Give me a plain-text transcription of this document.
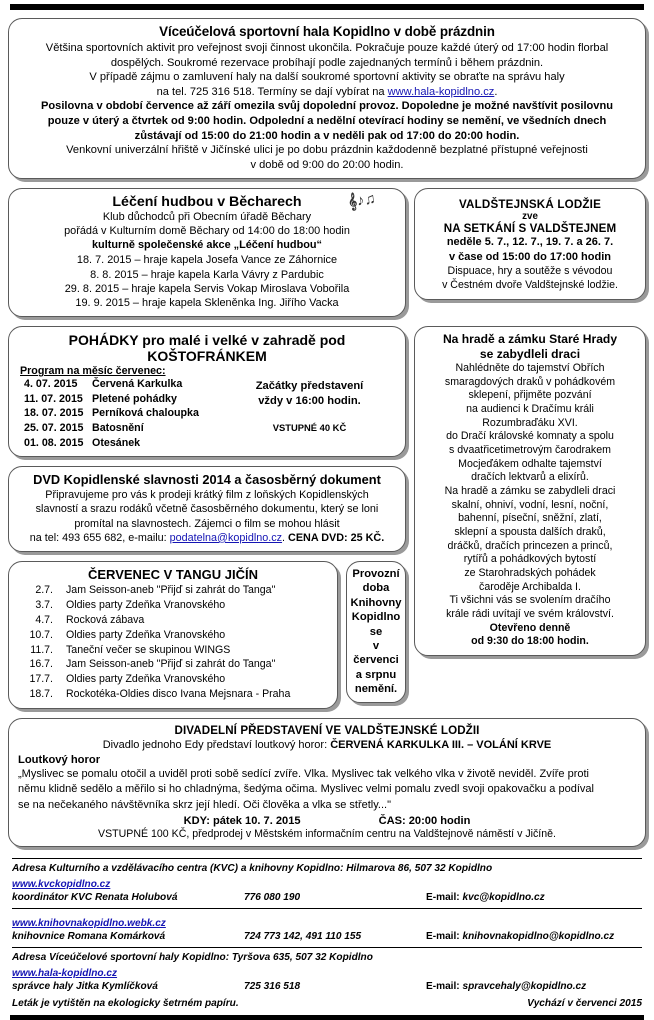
Víceúčelová sportovní hala Kopidlno v době prázdnin

Většina sportovních aktivit pro veřejnost svoji činnost ukončila. Pokračuje pouze každé úterý od 17:00 hodin florbal

dospělých. Soukromé rezervace probíhají podle zajednaných termínů i během prázdnin.

V případě zájmu o zamluvení haly na další soukromé sportovní aktivity se obraťte na správu haly

na tel. 725 316 518. Termíny se dají vybírat na www.hala-kopidlno.cz.

Posilovna v období července až září omezila svůj dopolední provoz. Dopoledne je možné navštívit posilovnu

pouze v úterý a čtvrtek od 9:00 hodin. Odpolední a nedělní otevírací hodiny se nemění, ve všedních dnech

zůstávají od 15:00 do 21:00 hodin a v neděli pak od 17:00 do 20:00 hodin.

Venkovní univerzální hřiště v Jičínské ulici je po dobu prázdnin každodenně bezplatné přístupné veřejnosti

v době od 9:00 do 20:00 hodin.

Léčení hudbou v Běcharech	𝄞♪♫
Klub důchodců při Obecním úřadě Běchary
pořádá v Kulturním domě Běchary od 14:00 do 18:00 hodin
kulturně společenské akce „Léčení hudbou“
18. 7. 2015 – hraje kapela Josefa Vance ze Záhornice
8. 8. 2015 – hraje kapela Karla Vávry z Pardubic
29. 8. 2015 – hraje kapela Servis Vokap Miroslava Vobořila
19. 9. 2015 – hraje kapela Skleněnka Ing. Jiřího Vacka
VALDŠTEJNSKÁ LODŽIE
zve
NA SETKÁNÍ S VALDŠTEJNEM
neděle 5. 7., 12. 7., 19. 7. a 26. 7.
v čase od 15:00 do 17:00 hodin
Dispuace, hry a soutěže s vévodou
v Čestném dvoře Valdštejnské lodžie.
POHÁDKY pro malé i velké v zahradě pod KOŠTOFRÁNKEM
Program na měsíc červenec:
4. 07. 2015 Červená Karkulka
11. 07. 2015 Pletené pohádky
18. 07. 2015 Perníková chaloupka
25. 07. 2015 Batosnění
01. 08. 2015 Otesánek
Začátky představení
vždy v 16:00 hodin.
VSTUPNÉ 40 KČ
DVD Kopidlenské slavnosti 2014 a časosběrný dokument
Připravujeme pro vás k prodeji krátký film z loňských Kopidlenských
slavností a srazu rodáků včetně časosběrného dokumentu, který se loni
promítal na slavnostech. Zájemci o film se mohou hlásit
na tel: 493 655 682, e-mailu: podatelna@kopidlno.cz. CENA DVD: 25 KČ.
ČERVENEC V TANGU JIČÍN
2.7.	Jam Seisson-aneb "Přijď si zahrát do Tanga"
3.7.	Oldies party Zdeňka Vranovského
4.7.	Rocková zábava
10.7.	Oldies party Zdeňka Vranovského
11.7.	Taneční večer se skupinou WINGS
16.7.	Jam Seisson-aneb "Přijď si zahrát do Tanga"
17.7.	Oldies party Zdeňka Vranovského
18.7.	Rockotéka-Oldies disco Ivana Mejsnara - Praha
Provozní
doba
Knihovny
Kopidlno
se
v červenci
a srpnu
nemění.
Na hradě a zámku Staré Hrady
se zabydleli draci
Nahlédněte do tajemství Obřích
smaragdových draků v pohádkovém
sklepení, přijměte pozvání
na audienci k Dračímu králi
Rozumbraďáku XVI.
do Dračí královské komnaty a spolu
s dvaatřicetimetrovým čarodrakem
Mocjeďákem odhalte tajemství
dračích lektvarů a elixírů.
Na hradě a zámku se zabydleli draci
skalní, ohniví, vodní, lesní, noční,
bahenní, píseční, sněžní, zlatí,
sklepní a spousta dalších draků,
dráčků, dračích princezen a princů,
rytířů a pohádkových bytostí
ze Starohradských pohádek
čaroděje Archibalda I.
Ti všichni vás se svolením dračího
krále rádi uvítají ve svém království.
Otevřeno denně
od 9:30 do 18:00 hodin.
DIVADELNÍ PŘEDSTAVENÍ VE VALDŠTEJNSKÉ LODŽII
Divadlo jednoho Edy představí loutkový horor: ČERVENÁ KARKULKA III. – VOLÁNÍ KRVE
Loutkový horor
„Myslivec se pomalu otočil a uviděl proti sobě sedící zvíře. Vlka. Myslivec tak velkého vlka v životě neviděl. Zvíře proti
němu klidně sedělo a měřilo si ho chladnýma, šedýma očima. Myslivec velmi pomalu zvedl svoji opakovačku a podíval
se na nečekaného návštěvníka skrz její hledí. Oči člověka a vlka se střetly..."
KDY: pátek 10. 7. 2015	ČAS: 20:00 hodin
VSTUPNÉ 100 KČ, předprodej v Městském informačním centru na Valdštejnově náměstí v Jičíně.
Adresa Kulturního a vzdělávacího centra (KVC) a knihovny Kopidlno: Hilmarova 86, 507 32 Kopidlno
www.kvckopidlno.cz
koordinátor KVC Renata Holubová	776 080 190	E-mail: kvc@kopidlno.cz
www.knihovnakopidlno.webk.cz
knihovnice Romana Komárková	724 773 142, 491 110 155	E-mail: knihovnakopidlno@kopidlno.cz
Adresa Víceúčelové sportovní haly Kopidlno: Tyršova 635, 507 32 Kopidlno
www.hala-kopidlno.cz
správce haly Jitka Kymlíčková	725 316 518	E-mail: spravcehaly@kopidlno.cz
Leták je vytištěn na ekologicky šetrném papíru.	Vychází v červenci 2015
